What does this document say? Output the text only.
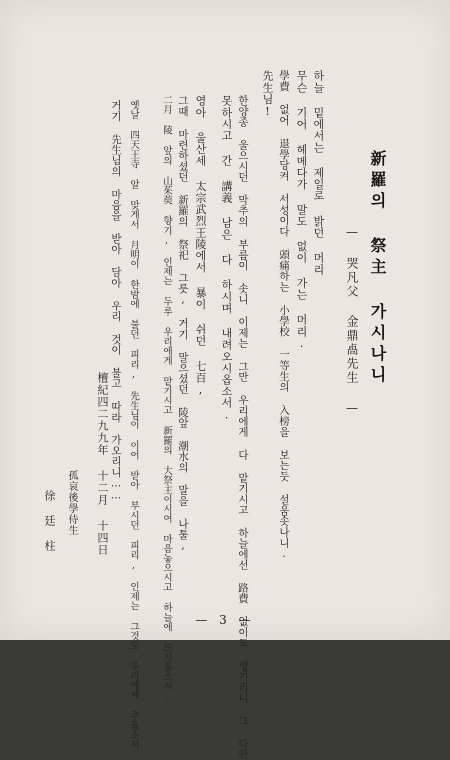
新羅의 祭主 가시나니
— 哭凡父 金鼎卨先生 —
하늘 밑에서는 제일로 밝던 머리
무슨 기어 헤메다가 말도 없이 가는 머리.
學費 없어 退學당켜 서성이다 頭痛하는 小學校 一等生의 入榜을 보는둣 설움솟나니.
先生님!
한양종 울으시던 막추의 부름이 솟니 이제는 그만 우리에게 다 맡기시고 하늘에선 路費 없이도 생기리니 그 다만
못하시고 간 講義 남은 다 하시며 내려오시옵소서.
영아 울산세 太宗武烈王陵에서 暴이 쉬던 七百,
그때 마련하셨던 新羅의 祭祀 그릇, 거기 말으셨던 陵앞 潮水의 말을 나툴,
二月 陵 앞의 山茱萸 향기, 인제는 두루 우리에게 맡기시고 新羅의 大祭主이시여 마음놓으시고 하늘에 드시옵소서.
옛날 四天王寺 알 맞게서 月明이 한밤에 불던 피리, 先生님이 이어 받아 부시던 피리, 인제는 그것도 우리에게 주옵소서.
거기 先生님의 마음을 받아 담아 우리 것이 불고 따라 가오리니……
檀紀四二九九年 十二月 十四日
孤哀後學侍生
徐廷柱
— 3 —
